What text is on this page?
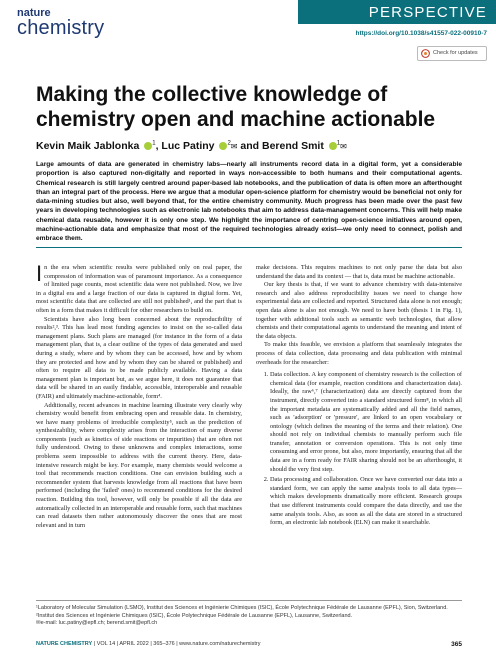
nature
chemistry
PERSPECTIVE
https://doi.org/10.1038/s41557-022-00910-7
Check for updates
Making the collective knowledge of chemistry open and machine actionable
Kevin Maik Jablonka $^1$, Luc Patiny $^2$✉ and Berend Smit $^1$✉

Large amounts of data are generated in chemistry labs—nearly all instruments record data in a digital form, yet a considerable proportion is also captured non-digitally and reported in ways non-accessible to both humans and their computational agents. Chemical research is still largely centred around paper-based lab notebooks, and the publication of data is often more an afterthought than an integral part of the process. Here we argue that a modular open-science platform for chemistry would be beneficial not only for data-mining studies but also, well beyond that, for the entire chemistry community. Much progress has been made over the past few years in developing technologies such as electronic lab notebooks that aim to address data-management concerns. This will help make chemical data reusable, however it is only one step. We highlight the importance of centring open-science initiatives around open, machine-actionable data and emphasize that most of the required technologies already exist—we only need to connect, polish and embrace them.

In the era when scientific results were published only on real paper, the compression of information was of paramount importance. As a consequence of limited page counts, most scientific data were not published. Now, we live in a digital era and a large fraction of our data is captured in digital form. Yet, most scientific data that are collected are still not published¹, and the part that is often in a form that makes it difficult for other researchers to build on.

Scientists have also long been concerned about the reproducibility of results²,³. This has lead most funding agencies to insist on the so-called data management plans. Such plans are managed (for instance in the form of a data management plan, that is, a clear outline of the types of data generated and used during a study, where and by whom they can be accessed, how and by whom they are protected and how and by whom they can be shared or published) and often to require all data to be made publicly available. Having a data management plan is important but, as we argue here, it does not guarantee that data will be shared in an easily findable, accessible, interoperable and reusable (FAIR) and ultimately machine-actionable, form⁴.

Additionally, recent advances in machine learning illustrate very clearly why chemistry would benefit from embracing open and reusable data. In chemistry, we have many problems of irreducible complexity⁵, such as the prediction of synthesizability, where complexity arises from the interaction of many diverse components (such as kinetics of side reactions or impurities) that are often not fully understood. Owing to these unknowns and complex interactions, some problems seem impossible to address with the current theory. Here, data-intensive research might be key. For example, many chemists would welcome a tool that recommends reaction conditions. One can envision building such a recommender system that harvests knowledge from all reactions that have been performed (including the 'failed' ones) to recommend conditions for the desired reaction. Building this tool, however, will only be possible if all the data are automatically collected in an interoperable and reusable form, such that machines can read datasets then rather autonomously discover the ones that are most relevant and in turn

make decisions. This requires machines to not only parse the data but also understand the data and its context — that is, data must be machine actionable.

Our key thesis is that, if we want to advance chemistry with data-intensive research and also address reproducibility issues we need to change how experimental data are collected and reported. Structured data alone is not enough; open data alone is also not enough. We need to have both (thesis 1 in Fig. 1), together with additional tools such as semantic web technologies, that allow chemists and their computational agents to understand the meaning and intent of the data objects.

To make this feasible, we envision a platform that seamlessly integrates the process of data collection, data processing and data publication with minimal overheads for the researcher:

1. Data collection. A key component of chemistry research is the collection of chemical data (for example, reaction conditions and characterization data). Ideally, the raw⁶,⁷ (characterization) data are directly captured from the instrument, directly converted into a standard structured form⁸, in which all the important metadata are systematically added and all the field names, such as 'adsorption' or 'pressure', are linked to an open vocabulary or ontology (which defines the meaning of the terms and their relation). One should not rely on individual chemists to manually perform such file transfer, annotation or conversion operations. This is not only time consuming and error prone, but also, more importantly, ensuring that all the data are in a form ready for FAIR sharing should not be an afterthought, it should the very first step.
2. Data processing and collaboration. Once we have converted our data into a standard form, we can apply the same analysis tools to all data types—which makes developments dramatically more efficient. Research groups that use different instruments could compare the data directly, and use the same analysis tools. Also, as soon as all the data are stored in a structured form, an electronic lab notebook (ELN) can make it searchable.
¹Laboratory of Molecular Simulation (LSMO), Institut des Sciences et Ingénierie Chimiques (ISIC), École Polytechnique Fédérale de Lausanne (EPFL), Sion, Switzerland. ²Institut des Sciences et Ingénierie Chimiques (ISIC), École Polytechnique Fédérale de Lausanne (EPFL), Lausanne, Switzerland.
✉e-mail: luc.patiny@epfl.ch; berend.smit@epfl.ch
NATURE CHEMISTRY | VOL 14 | APRIL 2022 | 365–376 | www.nature.com/naturechemistry	365
